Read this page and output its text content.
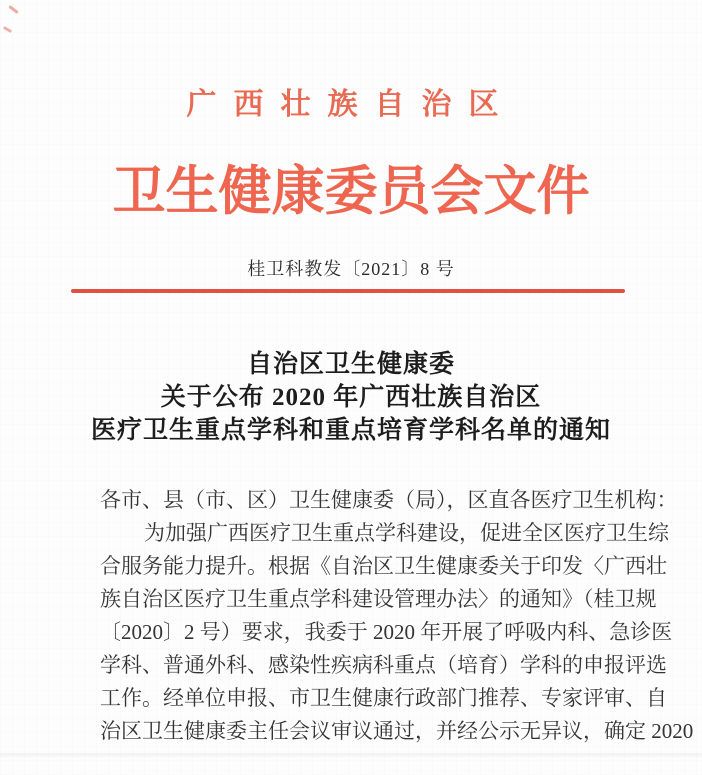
广西壮族自治区
卫生健康委员会文件
桂卫科教发〔2021〕8 号
自治区卫生健康委
关于公布 2020 年广西壮族自治区
医疗卫生重点学科和重点培育学科名单的通知
各市、县（市、区）卫生健康委（局），区直各医疗卫生机构：
为加强广西医疗卫生重点学科建设，促进全区医疗卫生综
合服务能力提升。根据《自治区卫生健康委关于印发〈广西壮
族自治区医疗卫生重点学科建设管理办法〉的通知》（桂卫规
〔2020〕2 号）要求，我委于 2020 年开展了呼吸内科、急诊医
学科、普通外科、感染性疾病科重点（培育）学科的申报评选
工作。经单位申报、市卫生健康行政部门推荐、专家评审、自
治区卫生健康委主任会议审议通过，并经公示无异议，确定 2020
